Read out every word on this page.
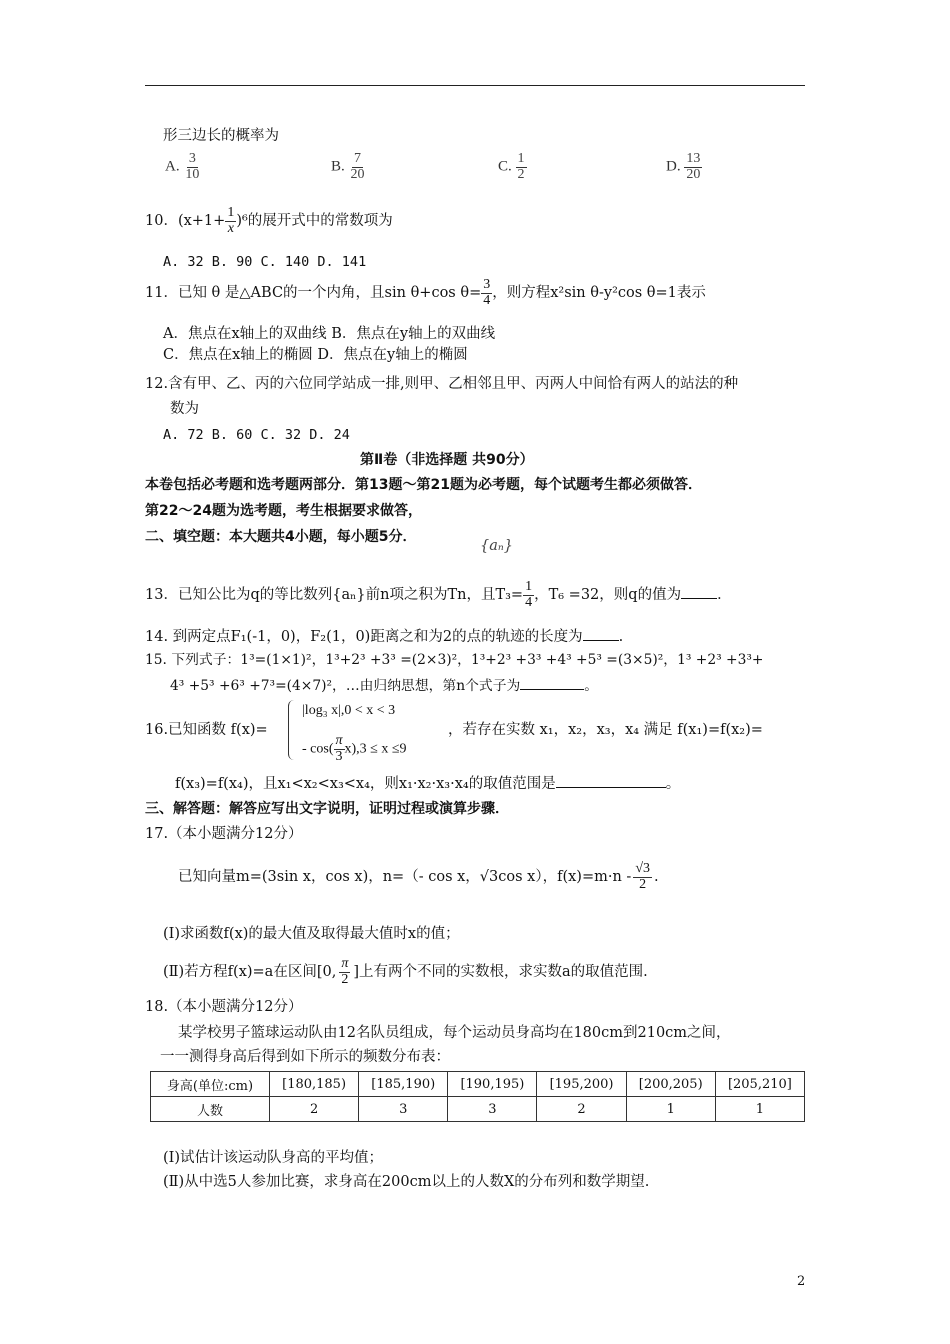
形三边长的概率为
A. $\frac{3}{10}$	B. $\frac{7}{20}$	C. $\frac{1}{2}$	D. $\frac{13}{20}$
10．$(x+1+ \frac{1}{x} )^6$的展开式中的常数项为
A. 32 B. 90 C. 140 D. 141
11．已知 θ 是△ABC的一个内角，且sin θ+cos $\theta= \frac{3}{4}$ ，则方程x²sin θ-y²cos θ=1表示
A．焦点在x轴上的双曲线 B．焦点在y轴上的双曲线
C．焦点在x轴上的椭圆 D．焦点在y轴上的椭圆
12.含有甲、乙、丙的六位同学站成一排,则甲、乙相邻且甲、丙两人中间恰有两人的站法的种
数为
A. 72 B. 60 C. 32 D. 24
第Ⅱ卷（非选择题 共90分）
本卷包括必考题和选考题两部分．第13题～第21题为必考题，每个试题考生都必须做答．
第22～24题为选考题，考生根据要求做答，
二、填空题：本大题共4小题，每小题5分．
{aₙ}
13．已知公比为q的等比数列{aₙ}前n项之积为Tn，且$T_3= \frac{1}{4}$ ，T₆ =32，则q的值为 ．
14. 到两定点F₁(-1，0)，F₂(1，0)距离之和为2的点的轨迹的长度为 .
15. 下列式子：1³=(1×1)²，1³+2³ +3³ =(2×3)²，1³+2³ +3³ +4³ +5³ =(3×5)²，1³ +2³ +3³+
4³ +5³ +6³ +7³=(4×7)²，…由归纳思想，第n个式子为	。
16.已知函数 f(x)=
|log₃ x|,0 < x < 3
- $\cos( \frac{\pi}{3} x),3 \le x \le 9$
，若存在实数 x₁，x₂，x₃，x₄ 满足 f(x₁)=f(x₂)=
f(x₃)=f(x₄)，且x₁<x₂<x₃<x₄，则x₁·x₂·x₃·x₄的取值范围是	。
三、解答题：解答应写出文字说明，证明过程或演算步骤．
17.（本小题满分12分）
已知向量m=(3sin x，cos x)，n=（- cos x，√3cos x），$f(x)=m\cdot n - \frac{√3}{2}$ .
(Ⅰ)求函数f(x)的最大值及取得最大值时x的值；
(Ⅱ)若方程f(x)=a在区间[0, $\frac{\pi}{2}$ ]上有两个不同的实数根，求实数a的取值范围.
18.（本小题满分12分）
某学校男子篮球运动队由12名队员组成，每个运动员身高均在180cm到210cm之间，
一一测得身高后得到如下所示的频数分布表：
身高(单位:cm)	[180,185)	[185,190)	[190,195)	[195,200)	[200,205)	[205,210]
人数	2	3	3	2	1	1
(Ⅰ)试估计该运动队身高的平均值；
(Ⅱ)从中选5人参加比赛，求身高在200cm以上的人数X的分布列和数学期望.
2
